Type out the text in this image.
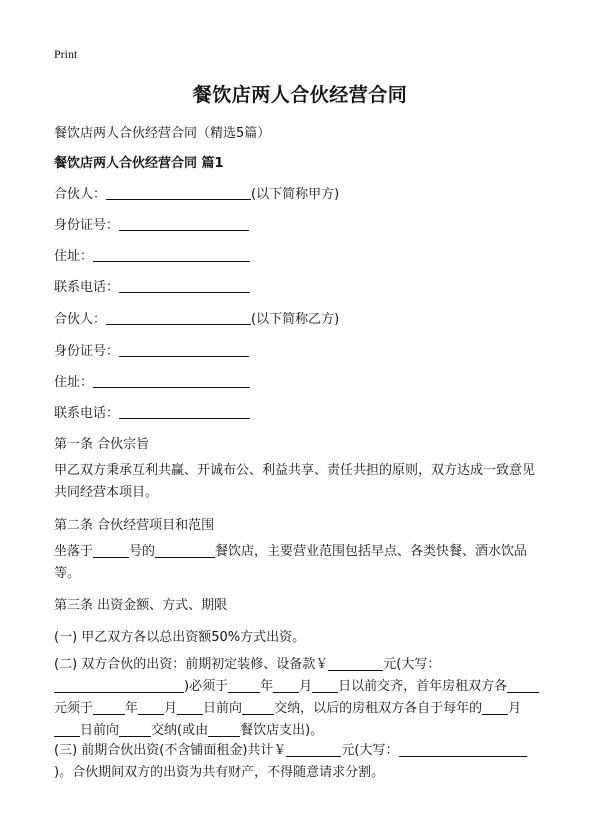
Print
餐饮店两人合伙经营合同
餐饮店两人合伙经营合同（精选5篇）
餐饮店两人合伙经营合同 篇1
合伙人：	(以下简称甲方)
身份证号：
住址：
联系电话：
合伙人：	(以下简称乙方)
身份证号：
住址：
联系电话：
第一条 合伙宗旨
甲乙双方秉承互利共赢、开诚布公、利益共享、责任共担的原则，双方达成一致意见共同经营本项目。
第二条 合伙经营项目和范围
坐落于	号的	餐饮店，主要营业范围包括早点、各类快餐、酒水饮品等。
第三条 出资金额、方式、期限
(一) 甲乙双方各以总出资额50%方式出资。
(二) 双方合伙的出资：前期初定装修、设备款￥	元(大写：)必须于 年 月 日以前交齐，首年房租双方各元须于 年 月 日前向 交纳，以后的房租双方各自于每年的 月日前向 交纳(或由 餐饮店支出)。
(三) 前期合伙出资(不含铺面租金)共计￥	元(大写：)。合伙期间双方的出资为共有财产，不得随意请求分割。
